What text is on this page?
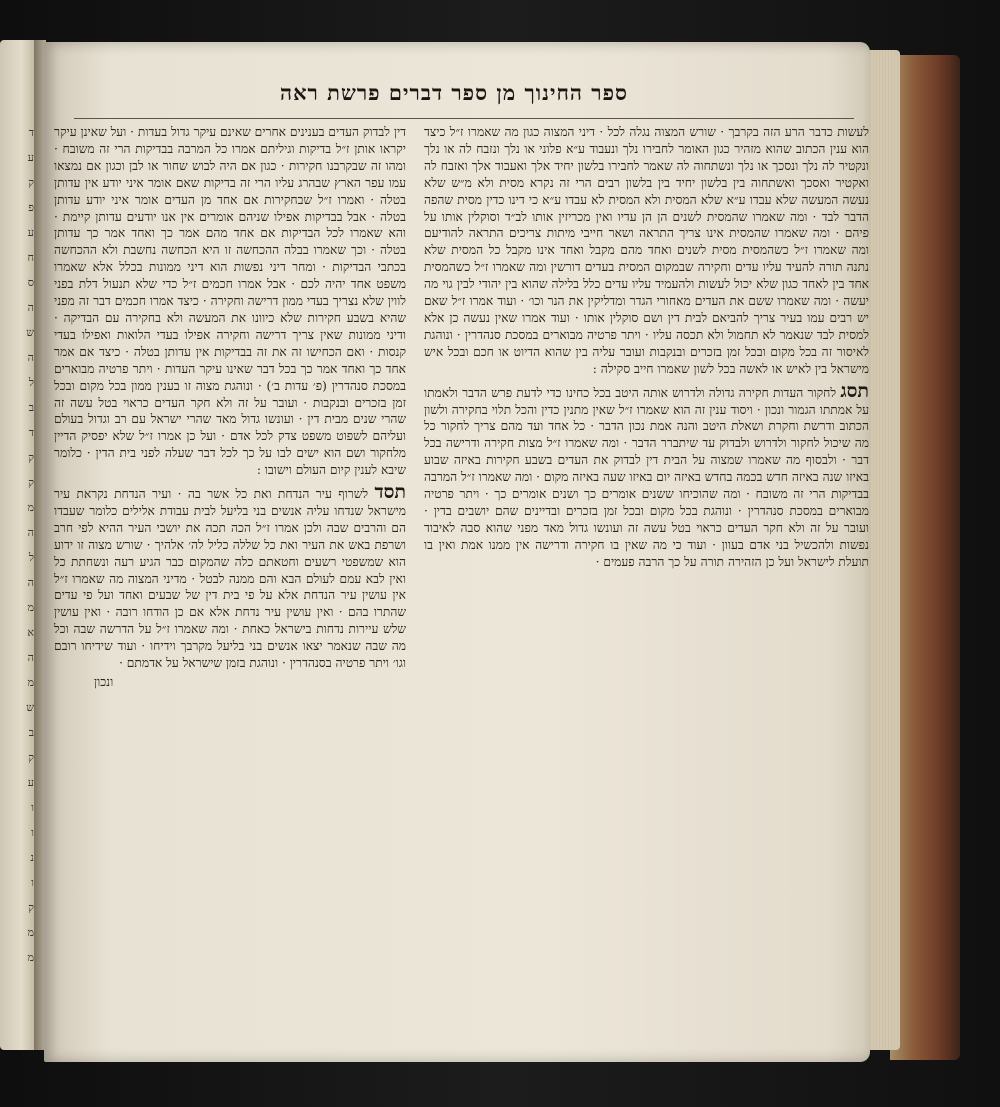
ד
ע
ק
פ
ע
ח
ס
ה
ש
ה
ל
ב
ד
ק
ק
מ
ה
ל
ה
מ
א
ה
מ
ש
ב
ק
ע
ו
ו
נ
ו
ק
מ
מ
ספר החינוך מן ספר דברים פרשת ראה

לעשות כדבר הרע הזה בקרבך · שורש המצוה נגלה לכל · דיני המצוה כגון מה שאמרו ז״ל כיצד הוא ענין הכתוב שהוא מזהיר כגון האומר לחבירו נלך ונעבוד ע״א פלוני או נלך ונזבח לה או נלך ונקטיר לה נלך ונסכך או נלך ונשתחוה לה שאמר לחבירו בלשון יחיד אלך ואעבוד אלך ואזבח לה ואקטיר ואסכך ואשתחוה בין בלשון יחיד בין בלשון רבים הרי זה נקרא מסית ולא מ״ש שלא נעשה המעשה שלא עבדו ע״א שלא המסית ולא המסית לא עבדו ע״א כי דינו כדין מסית שהפה הדבר לבד · ומה שאמרו שהמסית לשנים הן הן עדיו ואין מכריזין אותו לב״ד וסוקלין אותו על פיהם · ומה שאמרו שהמסית אינו צריך התראה ושאר חייבי מיתות צריכים התראה להודיעם ומה שאמרו ז״ל כשהמסית מסית לשנים ואחד מהם מקבל ואחד אינו מקבל כל המסית שלא נתנה תורה להעיד עליו עדים וחקירה שבמקום המסית בעדים דורשין ומה שאמרו ז״ל כשהמסית אחד בין לאחד כגון שלא יכול לעשות ולהעמיד עליו עדים כלל בלילה שהוא בין יהודי לבין גוי מה יעשה · ומה שאמרו ששם את העדים מאחורי הגדר ומדליקין את הנר וכו׳ · ועוד אמרו ז״ל שאם יש רבים עמו בעיר צריך להביאם לבית דין ושם סוקלין אותו · ועוד אמרו שאין נעשה כן אלא למסית לבד שנאמר לא תחמול ולא תכסה עליו · ויתר פרטיה מבוארים במסכת סנהדרין · ונוהגת לאיסור זה בכל מקום ובכל זמן בזכרים ובנקבות ועובר עליה בין שהוא הדיוט או חכם ובכל איש מישראל בין לאיש או לאשה בכל לשון שאמרו חייב סקילה :

תסג לחקור העדות חקירה גדולה ולדרוש אותה היטב בכל כחינו כדי לדעת פרש הדבר ולאמתו על אמתתו הגמור ונכון · ויסוד ענין זה הוא שאמרו ז״ל שאין מתנין כדין והכל תלוי בחקירה ולשון הכתוב ודרשת וחקרת ושאלת היטב והנה אמת נכון הדבר · כל אחד ועד מהם צריך לחקור כל מה שיכול לחקור ולדרוש ולבדוק עד שיתברר הדבר · ומה שאמרו ז״ל מצות חקירה ודרישה בכל דבר · ולבסוף מה שאמרו שמצוה על הבית דין לבדוק את העדים בשבע חקירות באיזה שבוע באיזו שנה באיזה חדש בכמה בחדש באיזה יום באיזו שעה באיזה מקום · ומה שאמרו ז״ל המרבה בבדיקות הרי זה משובח · ומה שהוכיחו ששנים אומרים כך ושנים אומרים כך · ויתר פרטיה מבוארים במסכת סנהדרין · ונוהגת בכל מקום ובכל זמן בזכרים ובדיינים שהם יושבים בדין · ועובר על זה ולא חקר העדים כראוי בטל עשה זה ועונשו גדול מאד מפני שהוא סבה לאיבוד נפשות ולהכשיל בני אדם בעוון · ועוד כי מה שאין בו חקירה ודרישה אין ממנו אמת ואין בו תועלת לישראל ועל כן הזהירה תורה על כך הרבה פעמים ·

דין לבדוק העדים בענינים אחרים שאינם עיקר גדול בעדות · ועל שאינן עיקר יקראו אותן ז״ל בדיקות וגיליתם אמרו כל המרבה בבדיקות הרי זה משובח · ומהו זה שבקרבנו חקירות · כגון אם היה לבוש שחור או לבן וכגון אם נמצאו עמו עפר הארץ שבהרג עליו הרי זה בדיקות שאם אומר איני יודע אין עדותן בטלה · ואמרו ז״ל שבחקירות אם אחד מן העדים אומר איני יודע עדותן בטלה · אבל בבדיקות אפילו שניהם אומרים אין אנו יודעים עדותן קיימת · והא שאמרו לכל הבדיקות אם אחד מהם אמר כך ואחד אמר כך עדותן בטלה · וכך שאמרו בבלה ההכחשה זו היא הכחשה נחשבת ולא ההכחשה בכתבי הבדיקות · ומחר דיני נפשות הוא דיני ממונות בכלל אלא שאמרו משפט אחד יהיה לכם · אבל אמרו חכמים ז״ל כדי שלא תנעול דלת בפני לווין שלא נצריך בעדי ממון דרישה וחקירה · כיצד אמרו חכמים דבר זה מפני שהיא בשבע חקירות שלא כיוונו את המעשה ולא בחקירה עם הבדיקה · ודיני ממונות שאין צריך דרישה וחקירה אפילו בעדי הלואות ואפילו בעדי קנסות · ואם הכחישו זה את זה בבדיקות אין עדותן בטלה · כיצד אם אמר אחד כך ואחד אמר כך בכל דבר שאינו עיקר העדות · ויתר פרטיה מבוארים במסכת סנהדרין (פ׳ עדות ב׳) · ונוהגת מצוה זו בענין ממון בכל מקום ובכל זמן בזכרים ובנקבות · ועובר על זה ולא חקר העדים כראוי בטל עשה זה שהרי שנים מבית דין · ועונשו גדול מאד שהרי ישראל עם רב וגדול בעולם ועליהם לשפוט משפט צדק לכל אדם · ועל כן אמרו ז״ל שלא יפסיק הדיין מלחקור ושם הוא ישים לבו על כך לכל דבר שעלה לפני בית הדין · כלומר שיבא לענין קיום העולם וישובו :

תסד לשרוף עיר הנדחת ואת כל אשר בה · ועיר הנדחת נקראת עיר מישראל שנדחו עליה אנשים בני בליעל לבית עבודת אלילים כלומר שעבדו הם והרבים שבה ולכן אמרו ז״ל הכה תכה את יושבי העיר ההיא לפי חרב ושרפת באש את העיר ואת כל שללה כליל לה׳ אלהיך · שורש מצוה זו ידוע הוא שמשפטי רשעים וחטאתם כלה שהמקום כבר הגיע רעה ונשחתת כל ואין לבא עמם לעולם הבא והם ממנה לבטל · מדיני המצוה מה שאמרו ז״ל אין עושין עיר הנדחת אלא על פי בית דין של שבעים ואחד ועל פי עדים שהתרו בהם · ואין עושין עיר נדחת אלא אם כן הודחו רובה · ואין עושין שלש עיירות נדחות בישראל כאחת · ומה שאמרו ז״ל על הדרשה שבה וכל מה שבה שנאמר יצאו אנשים בני בליעל מקרבך וידיחו · ועוד שידיחו רובם וגו׳ ויתר פרטיה בסנהדרין · ונוהגת בזמן שישראל על אדמתם ·

ונכון
